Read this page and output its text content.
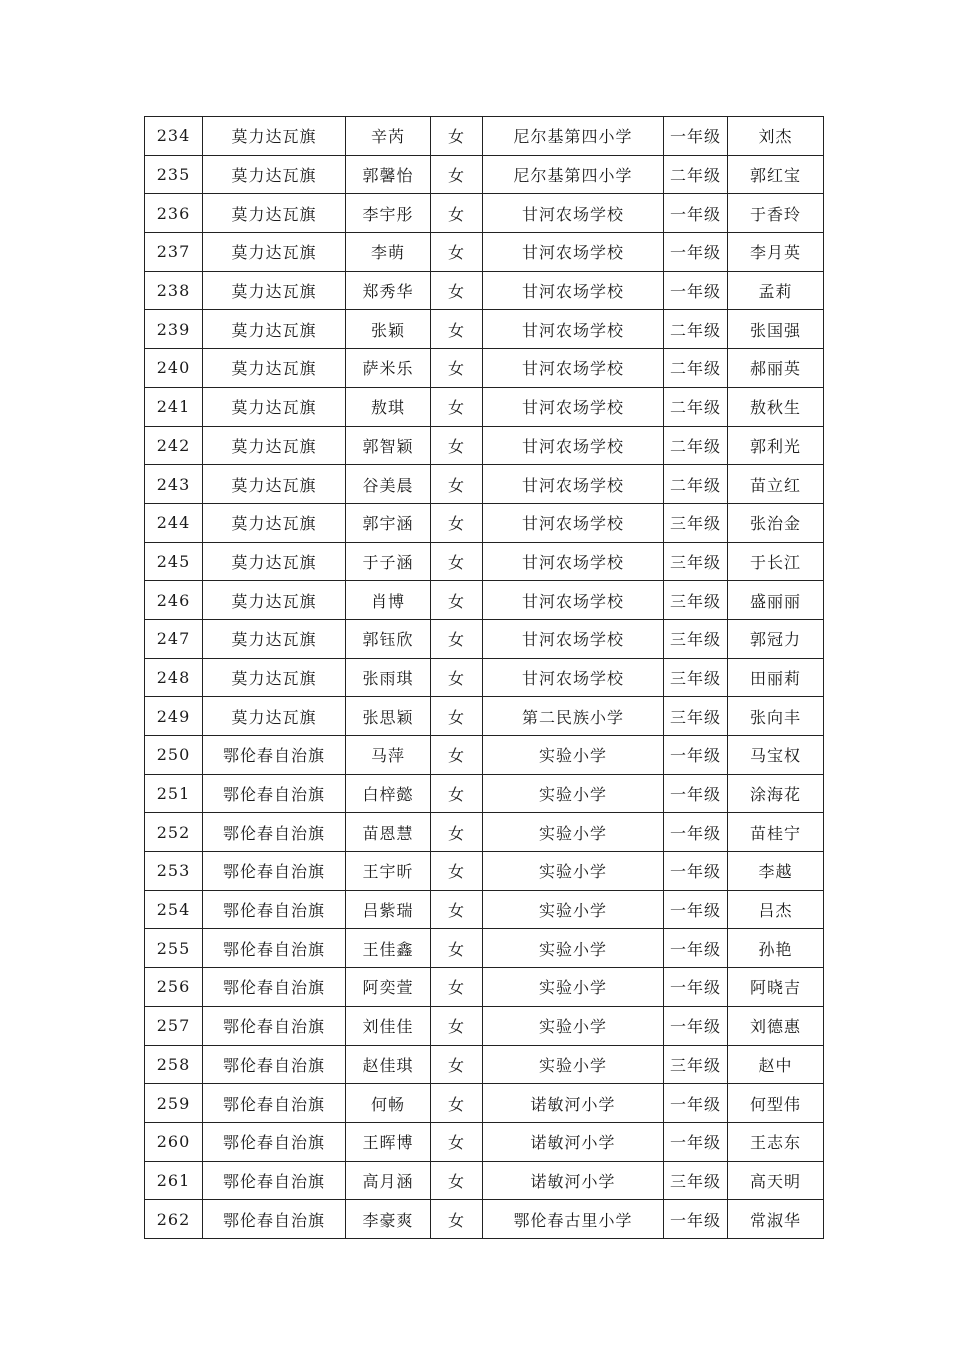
234	莫力达瓦旗	辛芮	女	尼尔基第四小学	一年级	刘杰
235	莫力达瓦旗	郭馨怡	女	尼尔基第四小学	二年级	郭红宝
236	莫力达瓦旗	李宇彤	女	甘河农场学校	一年级	于香玲
237	莫力达瓦旗	李萌	女	甘河农场学校	一年级	李月英
238	莫力达瓦旗	郑秀华	女	甘河农场学校	一年级	孟莉
239	莫力达瓦旗	张颖	女	甘河农场学校	二年级	张国强
240	莫力达瓦旗	萨米乐	女	甘河农场学校	二年级	郝丽英
241	莫力达瓦旗	敖琪	女	甘河农场学校	二年级	敖秋生
242	莫力达瓦旗	郭智颖	女	甘河农场学校	二年级	郭利光
243	莫力达瓦旗	谷美晨	女	甘河农场学校	二年级	苗立红
244	莫力达瓦旗	郭宇涵	女	甘河农场学校	三年级	张治金
245	莫力达瓦旗	于子涵	女	甘河农场学校	三年级	于长江
246	莫力达瓦旗	肖博	女	甘河农场学校	三年级	盛丽丽
247	莫力达瓦旗	郭钰欣	女	甘河农场学校	三年级	郭冠力
248	莫力达瓦旗	张雨琪	女	甘河农场学校	三年级	田丽莉
249	莫力达瓦旗	张思颖	女	第二民族小学	三年级	张向丰
250	鄂伦春自治旗	马萍	女	实验小学	一年级	马宝权
251	鄂伦春自治旗	白梓懿	女	实验小学	一年级	涂海花
252	鄂伦春自治旗	苗恩慧	女	实验小学	一年级	苗桂宁
253	鄂伦春自治旗	王宇昕	女	实验小学	一年级	李越
254	鄂伦春自治旗	吕紫瑞	女	实验小学	一年级	吕杰
255	鄂伦春自治旗	王佳鑫	女	实验小学	一年级	孙艳
256	鄂伦春自治旗	阿奕萱	女	实验小学	一年级	阿晓吉
257	鄂伦春自治旗	刘佳佳	女	实验小学	一年级	刘德惠
258	鄂伦春自治旗	赵佳琪	女	实验小学	三年级	赵中
259	鄂伦春自治旗	何畅	女	诺敏河小学	一年级	何型伟
260	鄂伦春自治旗	王晖博	女	诺敏河小学	一年级	王志东
261	鄂伦春自治旗	高月涵	女	诺敏河小学	三年级	高天明
262	鄂伦春自治旗	李豪爽	女	鄂伦春古里小学	一年级	常淑华
